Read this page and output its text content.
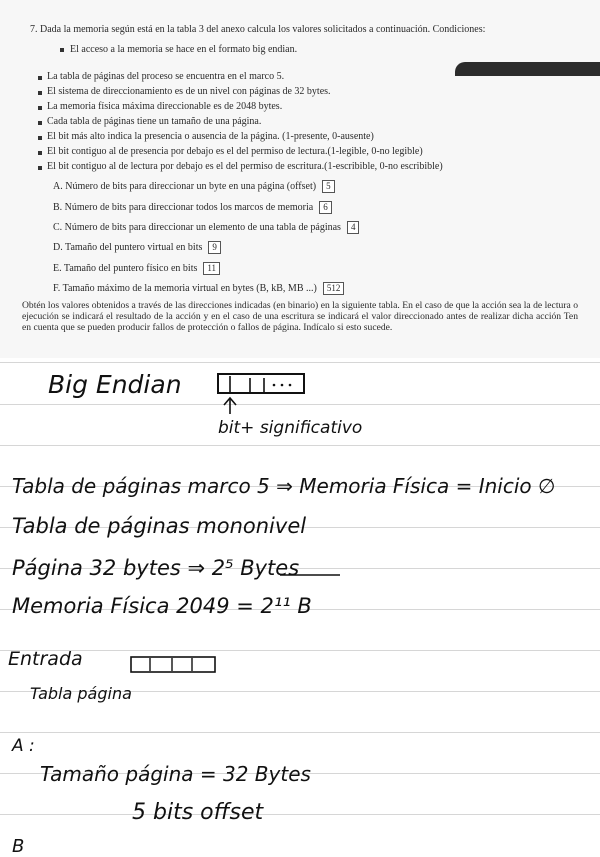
7. Dada la memoria según está en la tabla 3 del anexo calcula los valores solicitados a continuación. Condiciones:
El acceso a la memoria se hace en el formato big endian.
La tabla de páginas del proceso se encuentra en el marco 5.
El sistema de direccionamiento es de un nivel con páginas de 32 bytes.
La memoria física máxima direccionable es de 2048 bytes.
Cada tabla de páginas tiene un tamaño de una página.
El bit más alto indica la presencia o ausencia de la página. (1-presente, 0-ausente)
El bit contiguo al de presencia por debajo es el del permiso de lectura.(1-legible, 0-no legible)
El bit contiguo al de lectura por debajo es el del permiso de escritura.(1-escribible, 0-no escribible)
A. Número de bits para direccionar un byte en una página (offset) 5
B. Número de bits para direccionar todos los marcos de memoria 6
C. Número de bits para direccionar un elemento de una tabla de páginas 4
D. Tamaño del puntero virtual en bits 9
E. Tamaño del puntero físico en bits 11
F. Tamaño máximo de la memoria virtual en bytes (B, kB, MB ...) 512
Obtén los valores obtenidos a través de las direcciones indicadas (en binario) en la siguiente tabla. En el caso de que la acción sea la de lectura o ejecución se indicará el resultado de la acción y en el caso de una escritura se indicará el valor direccionado antes de realizar dicha acción Ten en cuenta que se pueden producir fallos de protección o fallos de página. Indícalo si esto sucede.
Big Endian
bit+ significativo
Tabla de páginas marco 5 ⇒ Memoria Física = Inicio ∅
Tabla de páginas mononivel
Página 32 bytes ⇒ 2⁵ Bytes
Memoria Física 2049 = 2¹¹ B
Entrada
Tabla página
A :
Tamaño página = 32 Bytes
5 bits offset
B
